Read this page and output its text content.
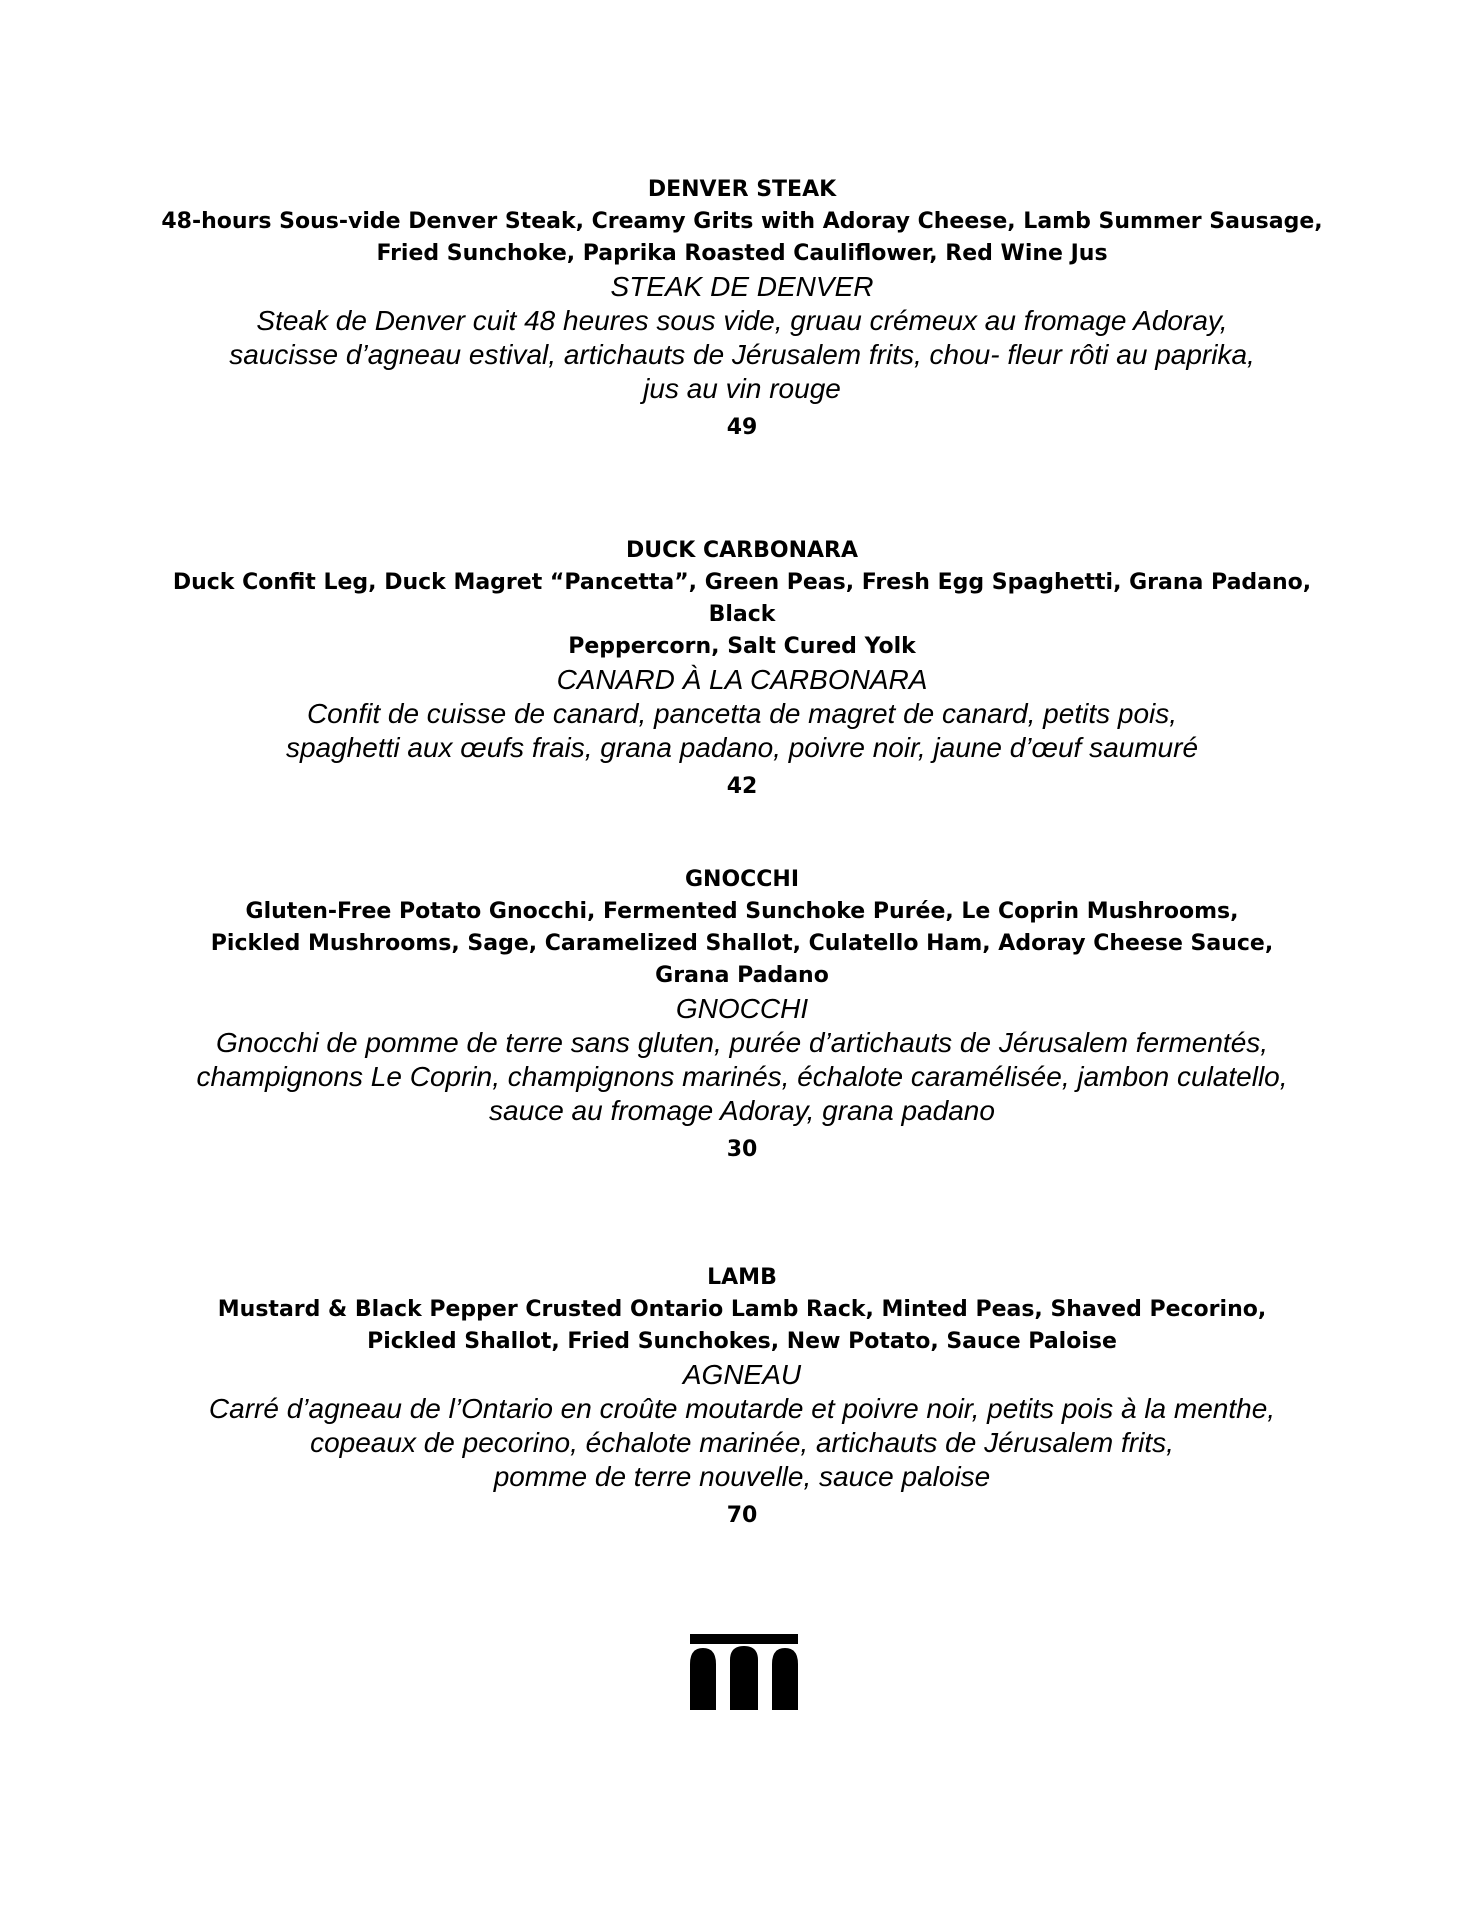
DENVER STEAK
48-hours Sous-vide Denver Steak, Creamy Grits with Adoray Cheese, Lamb Summer Sausage,
Fried Sunchoke, Paprika Roasted Cauliflower, Red Wine Jus
STEAK DE DENVER
Steak de Denver cuit 48 heures sous vide, gruau crémeux au fromage Adoray,
saucisse d’agneau estival, artichauts de Jérusalem frits, chou- fleur rôti au paprika,
jus au vin rouge
49
DUCK CARBONARA
Duck Confit Leg, Duck Magret “Pancetta”, Green Peas, Fresh Egg Spaghetti, Grana Padano, Black
Peppercorn, Salt Cured Yolk
CANARD À LA CARBONARA
Confit de cuisse de canard, pancetta de magret de canard, petits pois,
spaghetti aux œufs frais, grana padano, poivre noir, jaune d’œuf saumuré
42
GNOCCHI
Gluten-Free Potato Gnocchi, Fermented Sunchoke Purée, Le Coprin Mushrooms,
Pickled Mushrooms, Sage, Caramelized Shallot, Culatello Ham, Adoray Cheese Sauce,
Grana Padano
GNOCCHI
Gnocchi de pomme de terre sans gluten, purée d’artichauts de Jérusalem fermentés,
champignons Le Coprin, champignons marinés, échalote caramélisée, jambon culatello,
sauce au fromage Adoray, grana padano
30
LAMB
Mustard & Black Pepper Crusted Ontario Lamb Rack, Minted Peas, Shaved Pecorino,
Pickled Shallot, Fried Sunchokes, New Potato, Sauce Paloise
AGNEAU
Carré d’agneau de l’Ontario en croûte moutarde et poivre noir, petits pois à la menthe,
copeaux de pecorino, échalote marinée, artichauts de Jérusalem frits,
pomme de terre nouvelle, sauce paloise
70
